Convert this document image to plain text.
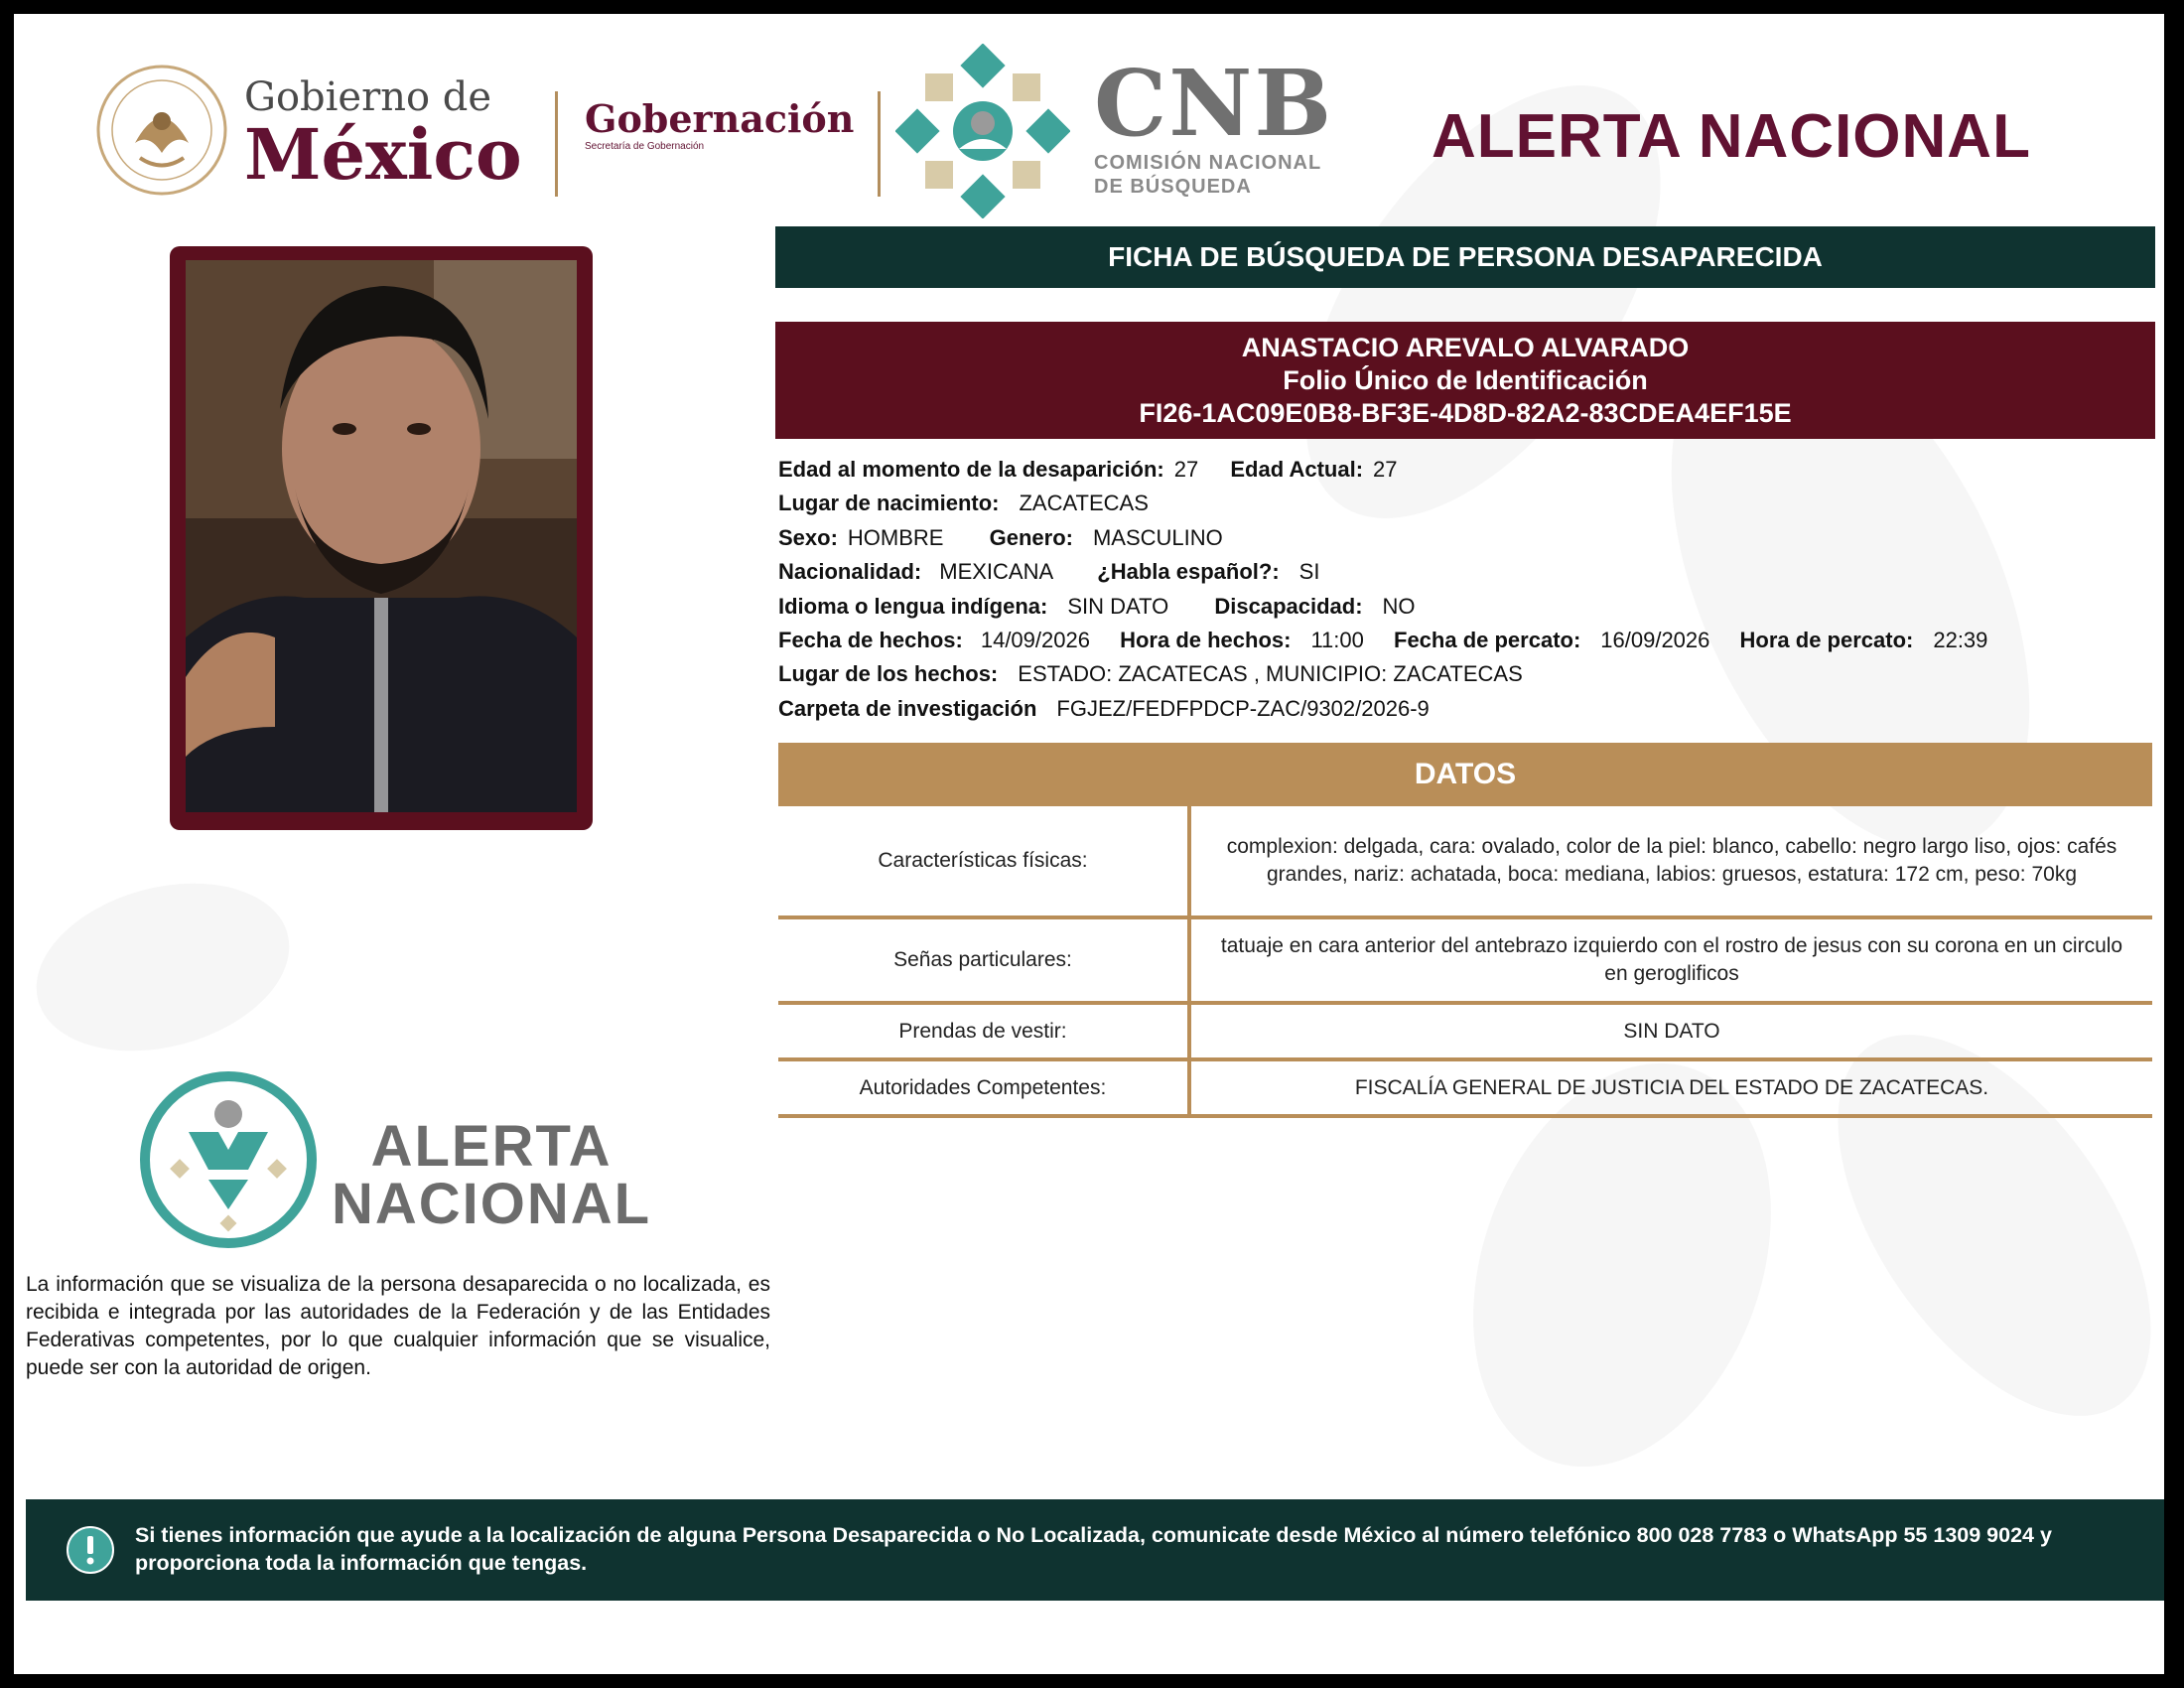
Gobierno de
México Gobernación
Secretaría de Gobernación	CNB
COMISIÓN NACIONAL
DE BÚSQUEDA
ALERTA NACIONAL
FICHA DE BÚSQUEDA DE PERSONA DESAPARECIDA
ANASTACIO AREVALO ALVARADO
Folio Único de Identificación
FI26-1AC09E0B8-BF3E-4D8D-82A2-83CDEA4EF15E
Edad al momento de la desaparición: 27 Edad Actual: 27
Lugar de nacimiento: ZACATECAS
Sexo: HOMBRE Genero: MASCULINO
Nacionalidad: MEXICANA ¿Habla español?: SI
Idioma o lengua indígena: SIN DATO Discapacidad: NO
Fecha de hechos: 14/09/2026 Hora de hechos: 11:00 Fecha de percato: 16/09/2026 Hora de percato: 22:39
Lugar de los hechos: ESTADO: ZACATECAS , MUNICIPIO: ZACATECAS
Carpeta de investigación FGJEZ/FEDFPDCP-ZAC/9302/2026-9
DATOS
Características físicas:	complexion: delgada, cara: ovalado, color de la piel: blanco, cabello: negro largo liso, ojos: cafés grandes, nariz: achatada, boca: mediana, labios: gruesos, estatura: 172 cm, peso: 70kg
Señas particulares:	tatuaje en cara anterior del antebrazo izquierdo con el rostro de jesus con su corona en un circulo en geroglificos
Prendas de vestir:	SIN DATO
Autoridades Competentes:	FISCALÍA GENERAL DE JUSTICIA DEL ESTADO DE ZACATECAS.
ALERTA
NACIONAL
La información que se visualiza de la persona desaparecida o no localizada, es recibida e integrada por las autoridades de la Federación y de las Entidades Federativas competentes, por lo que cualquier información que se visualice, puede ser con la autoridad de origen.
Si tienes información que ayude a la localización de alguna Persona Desaparecida o No Localizada, comunicate desde México al número telefónico 800 028 7783 o WhatsApp 55 1309 9024 y proporciona toda la información que tengas.
